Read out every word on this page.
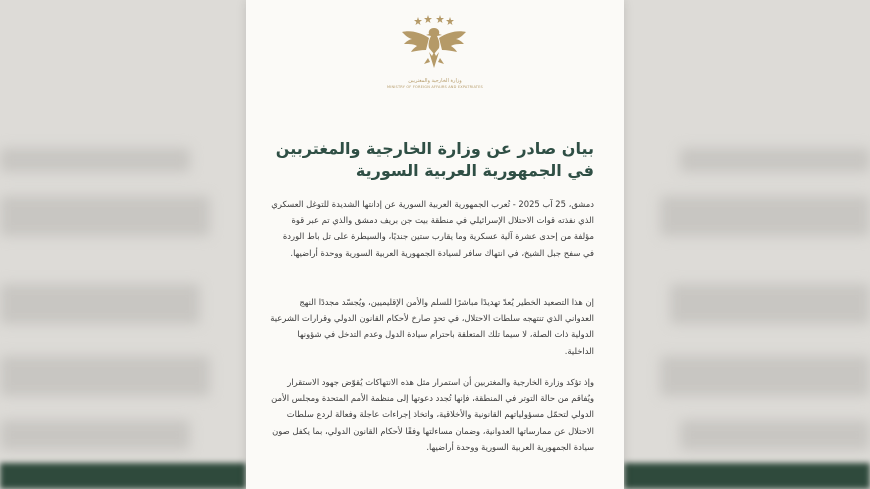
وزارة الخارجية والمغتربين
MINISTRY OF FOREIGN AFFAIRS AND EXPATRIATES
بيان صادر عن وزارة الخارجية والمغتربين
في الجمهورية العربية السورية
دمشق، 25 آب 2025 - تُعرب الجمهورية العربية السورية عن إدانتها الشديدة للتوغل العسكري الذي نفذته قوات الاحتلال الإسرائيلي في منطقة بيت جن بريف دمشق والذي تم عبر قوة مؤلفة من إحدى عشرة آلية عسكرية وما يقارب ستين جنديًا، والسيطرة على تل باط الوردة في سفح جبل الشيخ، في انتهاك سافر لسيادة الجمهورية العربية السورية ووحدة أراضيها.
إن هذا التصعيد الخطير يُعدّ تهديدًا مباشرًا للسلم والأمن الإقليميين، ويُجسّد مجددًا النهج العدواني الذي تنتهجه سلطات الاحتلال، في تحدٍ صارخ لأحكام القانون الدولي وقرارات الشرعية الدولية ذات الصلة، لا سيما تلك المتعلقة باحترام سيادة الدول وعدم التدخل في شؤونها الداخلية.
وإذ تؤكد وزارة الخارجية والمغتربين أن استمرار مثل هذه الانتهاكات يُقوّض جهود الاستقرار ويُفاقم من حالة التوتر في المنطقة، فإنها تُجدد دعوتها إلى منظمة الأمم المتحدة ومجلس الأمن الدولي لتحمّل مسؤولياتهم القانونية والأخلاقية، واتخاذ إجراءات عاجلة وفعالة لردع سلطات الاحتلال عن ممارساتها العدوانية، وضمان مساءلتها وفقًا لأحكام القانون الدولي، بما يكفل صون سيادة الجمهورية العربية السورية ووحدة أراضيها.
